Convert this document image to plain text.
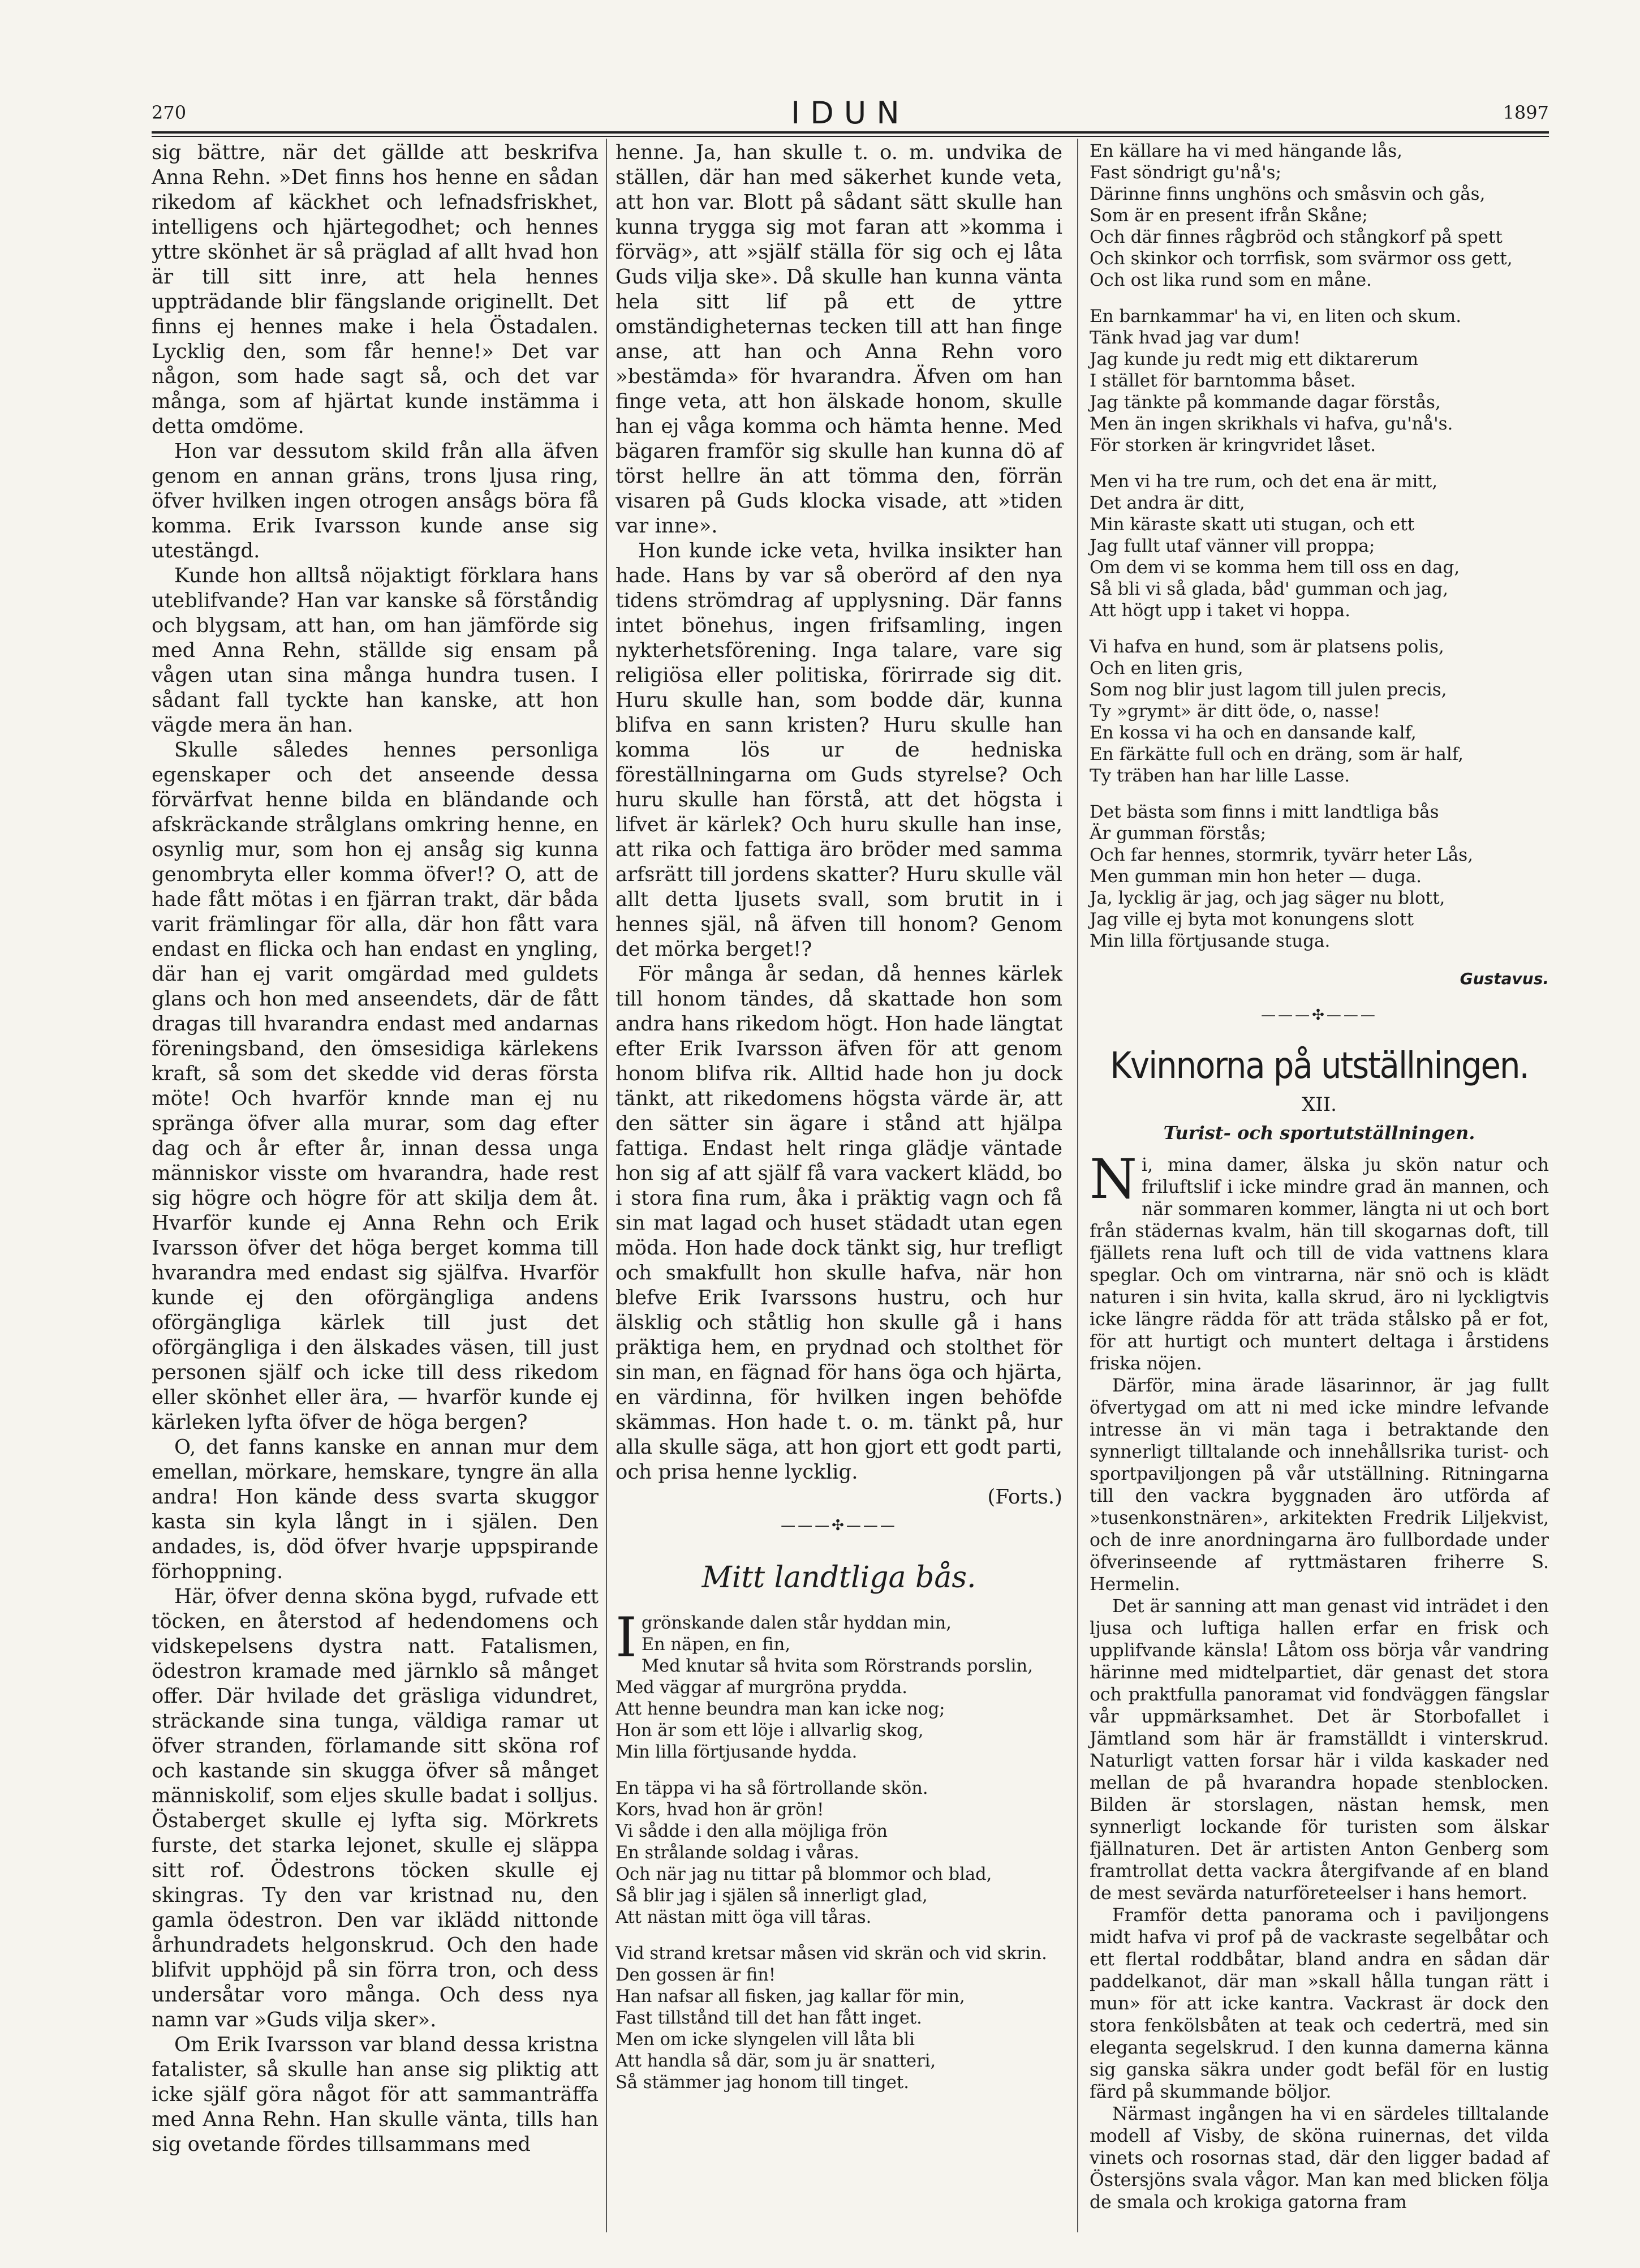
270	IDUN	1897

sig bättre, när det gällde att beskrifva Anna Rehn. »Det finns hos henne en sådan rikedom af käckhet och lefnadsfriskhet, intelligens och hjärtegodhet; och hennes yttre skönhet är så präglad af allt hvad hon är till sitt inre, att hela hennes uppträdande blir fängslande originellt. Det finns ej hennes make i hela Östadalen. Lycklig den, som får henne!» Det var någon, som hade sagt så, och det var många, som af hjärtat kunde instämma i detta omdöme.

Hon var dessutom skild från alla äfven genom en annan gräns, trons ljusa ring, öfver hvilken ingen otrogen ansågs böra få komma. Erik Ivarsson kunde anse sig utestängd.

Kunde hon alltså nöjaktigt förklara hans uteblifvande? Han var kanske så förståndig och blygsam, att han, om han jämförde sig med Anna Rehn, ställde sig ensam på vågen utan sina många hundra tusen. I sådant fall tyckte han kanske, att hon vägde mera än han.

Skulle således hennes personliga egenskaper och det anseende dessa förvärfvat henne bilda en bländande och afskräckande strålglans omkring henne, en osynlig mur, som hon ej ansåg sig kunna genombryta eller komma öfver!? O, att de hade fått mötas i en fjärran trakt, där båda varit främlingar för alla, där hon fått vara endast en flicka och han endast en yngling, där han ej varit omgärdad med guldets glans och hon med anseendets, där de fått dragas till hvarandra endast med andarnas föreningsband, den ömsesidiga kärlekens kraft, så som det skedde vid deras första möte! Och hvarför knnde man ej nu spränga öfver alla murar, som dag efter dag och år efter år, innan dessa unga människor visste om hvarandra, hade rest sig högre och högre för att skilja dem åt. Hvarför kunde ej Anna Rehn och Erik Ivarsson öfver det höga berget komma till hvarandra med endast sig själfva. Hvarför kunde ej den oförgängliga andens oförgängliga kärlek till just det oförgängliga i den älskades väsen, till just personen själf och icke till dess rikedom eller skönhet eller ära, — hvarför kunde ej kärleken lyfta öfver de höga bergen?

O, det fanns kanske en annan mur dem emellan, mörkare, hemskare, tyngre än alla andra! Hon kände dess svarta skuggor kasta sin kyla långt in i själen. Den andades, is, död öfver hvarje uppspirande förhoppning.

Här, öfver denna sköna bygd, rufvade ett töcken, en återstod af hedendomens och vidskepelsens dystra natt. Fatalismen, ödestron kramade med järnklo så månget offer. Där hvilade det gräsliga vidundret, sträckande sina tunga, väldiga ramar ut öfver stranden, förlamande sitt sköna rof och kastande sin skugga öfver så månget människolif, som eljes skulle badat i solljus. Östaberget skulle ej lyfta sig. Mörkrets furste, det starka lejonet, skulle ej släppa sitt rof. Ödestrons töcken skulle ej skingras. Ty den var kristnad nu, den gamla ödestron. Den var iklädd nittonde århundradets helgonskrud. Och den hade blifvit upphöjd på sin förra tron, och dess undersåtar voro många. Och dess nya namn var »Guds vilja sker».

Om Erik Ivarsson var bland dessa kristna fatalister, så skulle han anse sig pliktig att icke själf göra något för att sammanträffa med Anna Rehn. Han skulle vänta, tills han sig ovetande fördes tillsammans med

henne. Ja, han skulle t. o. m. undvika de ställen, där han med säkerhet kunde veta, att hon var. Blott på sådant sätt skulle han kunna trygga sig mot faran att »komma i förväg», att »själf ställa för sig och ej låta Guds vilja ske». Då skulle han kunna vänta hela sitt lif på ett de yttre omständigheternas tecken till att han finge anse, att han och Anna Rehn voro »bestämda» för hvarandra. Äfven om han finge veta, att hon älskade honom, skulle han ej våga komma och hämta henne. Med bägaren framför sig skulle han kunna dö af törst hellre än att tömma den, förrän visaren på Guds klocka visade, att »tiden var inne».

Hon kunde icke veta, hvilka insikter han hade. Hans by var så oberörd af den nya tidens strömdrag af upplysning. Där fanns intet bönehus, ingen frifsamling, ingen nykterhetsförening. Inga talare, vare sig religiösa eller politiska, förirrade sig dit. Huru skulle han, som bodde där, kunna blifva en sann kristen? Huru skulle han komma lös ur de hedniska föreställningarna om Guds styrelse? Och huru skulle han förstå, att det högsta i lifvet är kärlek? Och huru skulle han inse, att rika och fattiga äro bröder med samma arfsrätt till jordens skatter? Huru skulle väl allt detta ljusets svall, som brutit in i hennes själ, nå äfven till honom? Genom det mörka berget!?

För många år sedan, då hennes kärlek till honom tändes, då skattade hon som andra hans rikedom högt. Hon hade längtat efter Erik Ivarsson äfven för att genom honom blifva rik. Alltid hade hon ju dock tänkt, att rikedomens högsta värde är, att den sätter sin ägare i stånd att hjälpa fattiga. Endast helt ringa glädje väntade hon sig af att själf få vara vackert klädd, bo i stora fina rum, åka i präktig vagn och få sin mat lagad och huset städadt utan egen möda. Hon hade dock tänkt sig, hur trefligt och smakfullt hon skulle hafva, när hon blefve Erik Ivarssons hustru, och hur älsklig och ståtlig hon skulle gå i hans präktiga hem, en prydnad och stolthet för sin man, en fägnad för hans öga och hjärta, en värdinna, för hvilken ingen behöfde skämmas. Hon hade t. o. m. tänkt på, hur alla skulle säga, att hon gjort ett godt parti, och prisa henne lycklig.

(Forts.)

———✣———
Mitt landtliga bås.
I grönskande dalen står hyddan min,
En näpen, en fin,
Med knutar så hvita som Rörstrands porslin,
Med väggar af murgröna prydda.
Att henne beundra man kan icke nog;
Hon är som ett löje i allvarlig skog,
Min lilla förtjusande hydda.
En täppa vi ha så förtrollande skön.
Kors, hvad hon är grön!
Vi sådde i den alla möjliga frön
En strålande soldag i våras.
Och när jag nu tittar på blommor och blad,
Så blir jag i själen så innerligt glad,
Att nästan mitt öga vill tåras.
Vid strand kretsar måsen vid skrän och vid skrin.
Den gossen är fin!
Han nafsar all fisken, jag kallar för min,
Fast tillstånd till det han fått inget.
Men om icke slyngelen vill låta bli
Att handla så där, som ju är snatteri,
Så stämmer jag honom till tinget.
En källare ha vi med hängande lås,
Fast söndrigt gu'nå's;
Därinne finns unghöns och småsvin och gås,
Som är en present ifrån Skåne;
Och där finnes rågbröd och stångkorf på spett
Och skinkor och torrfisk, som svärmor oss gett,
Och ost lika rund som en måne.
En barnkammar' ha vi, en liten och skum.
Tänk hvad jag var dum!
Jag kunde ju redt mig ett diktarerum
I stället för barntomma båset.
Jag tänkte på kommande dagar förstås,
Men än ingen skrikhals vi hafva, gu'nå's.
För storken är kringvridet låset.
Men vi ha tre rum, och det ena är mitt,
Det andra är ditt,
Min käraste skatt uti stugan, och ett
Jag fullt utaf vänner vill proppa;
Om dem vi se komma hem till oss en dag,
Så bli vi så glada, båd' gumman och jag,
Att högt upp i taket vi hoppa.
Vi hafva en hund, som är platsens polis,
Och en liten gris,
Som nog blir just lagom till julen precis,
Ty »grymt» är ditt öde, o, nasse!
En kossa vi ha och en dansande kalf,
En färkätte full och en dräng, som är half,
Ty träben han har lille Lasse.
Det bästa som finns i mitt landtliga bås
Är gumman förstås;
Och far hennes, stormrik, tyvärr heter Lås,
Men gumman min hon heter — duga.
Ja, lycklig är jag, och jag säger nu blott,
Jag ville ej byta mot konungens slott
Min lilla förtjusande stuga.
Gustavus.
———✣———
Kvinnorna på utställningen.
XII.
Turist- och sportutställningen.

Ni, mina damer, älska ju skön natur och friluftslif i icke mindre grad än mannen, och när sommaren kommer, längta ni ut och bort från städernas kvalm, hän till skogarnas doft, till fjällets rena luft och till de vida vattnens klara speglar. Och om vintrarna, när snö och is klädt naturen i sin hvita, kalla skrud, äro ni lyckligtvis icke längre rädda för att träda stålsko på er fot, för att hurtigt och muntert deltaga i årstidens friska nöjen.

Därför, mina ärade läsarinnor, är jag fullt öfvertygad om att ni med icke mindre lefvande intresse än vi män taga i betraktande den synnerligt tilltalande och innehållsrika turist- och sportpaviljongen på vår utställning. Ritningarna till den vackra byggnaden äro utförda af »tusenkonstnären», arkitekten Fredrik Liljekvist, och de inre anordningarna äro fullbordade under öfverinseende af ryttmästaren friherre S. Hermelin.

Det är sanning att man genast vid inträdet i den ljusa och luftiga hallen erfar en frisk och upplifvande känsla! Låtom oss börja vår vandring härinne med midtelpartiet, där genast det stora och praktfulla panoramat vid fondväggen fängslar vår uppmärksamhet. Det är Storbofallet i Jämtland som här är framställdt i vinterskrud. Naturligt vatten forsar här i vilda kaskader ned mellan de på hvarandra hopade stenblocken. Bilden är storslagen, nästan hemsk, men synnerligt lockande för turisten som älskar fjällnaturen. Det är artisten Anton Genberg som framtrollat detta vackra återgifvande af en bland de mest sevärda naturföreteelser i hans hemort.

Framför detta panorama och i paviljongens midt hafva vi prof på de vackraste segelbåtar och ett flertal roddbåtar, bland andra en sådan där paddelkanot, där man »skall hålla tungan rätt i mun» för att icke kantra. Vackrast är dock den stora fenkölsbåten at teak och cederträ, med sin eleganta segelskrud. I den kunna damerna känna sig ganska säkra under godt befäl för en lustig färd på skummande böljor.

Närmast ingången ha vi en särdeles tilltalande modell af Visby, de sköna ruinernas, det vilda vinets och rosornas stad, där den ligger badad af Östersjöns svala vågor. Man kan med blicken följa de smala och krokiga gatorna fram
